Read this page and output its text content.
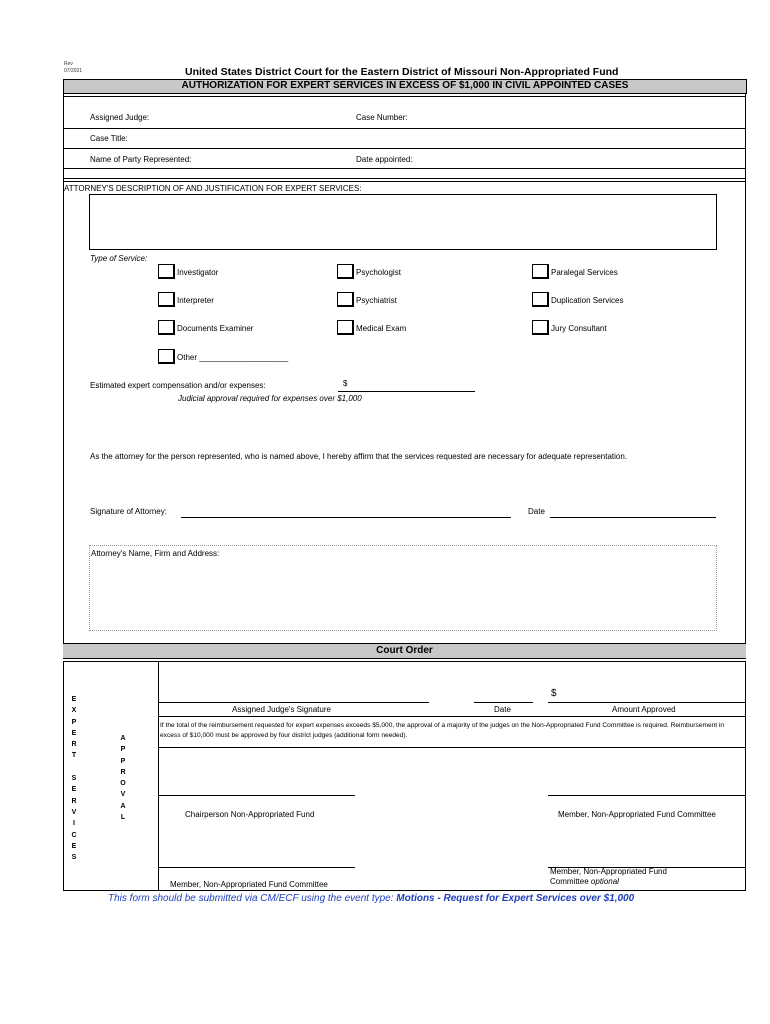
Rev
07/2021	United States District Court for the Eastern District of Missouri Non-Appropriated Fund
AUTHORIZATION FOR EXPERT SERVICES IN EXCESS OF $1,000 IN CIVIL APPOINTED CASES
Assigned Judge:	Case Number:
Case Title:
Name of Party Represented:	Date appointed:
ATTORNEY'S DESCRIPTION OF AND JUSTIFICATION FOR EXPERT SERVICES:
Type of Service:
Investigator	Psychologist	Paralegal Services
Interpreter	Psychiatrist	Duplication Services
Documents Examiner	Medical Exam	Jury Consultant
Other ____________________
Estimated expert compensation and/or expenses:	$
Judicial approval required for expenses over $1,000
As the attorney for the person represented, who is named above, I hereby affirm that the services requested are necessary for adequate representation.
Signature of Attorney:	Date
Attorney's Name, Firm and Address:
Court Order
E
X
P
E
R
T

S
E
R
V
I
C
E
S
A
P
P
R
O
V
A
L
$
Assigned Judge's Signature	Date	Amount Approved
If the total of the reimbursement requested for expert expenses exceeds $5,000, the approval of a majority of the judges on the Non-Appropriated Fund Committee is required. Reimbursement in excess of $10,000 must be approved by four district judges (additional form needed).
Chairperson Non-Appropriated Fund	Member, Non-Appropriated Fund Committee
Member, Non-Appropriated Fund Committee
Member, Non-Appropriated Fund
Committee optional
This form should be submitted via CM/ECF using the event type: Motions - Request for Expert Services over $1,000
